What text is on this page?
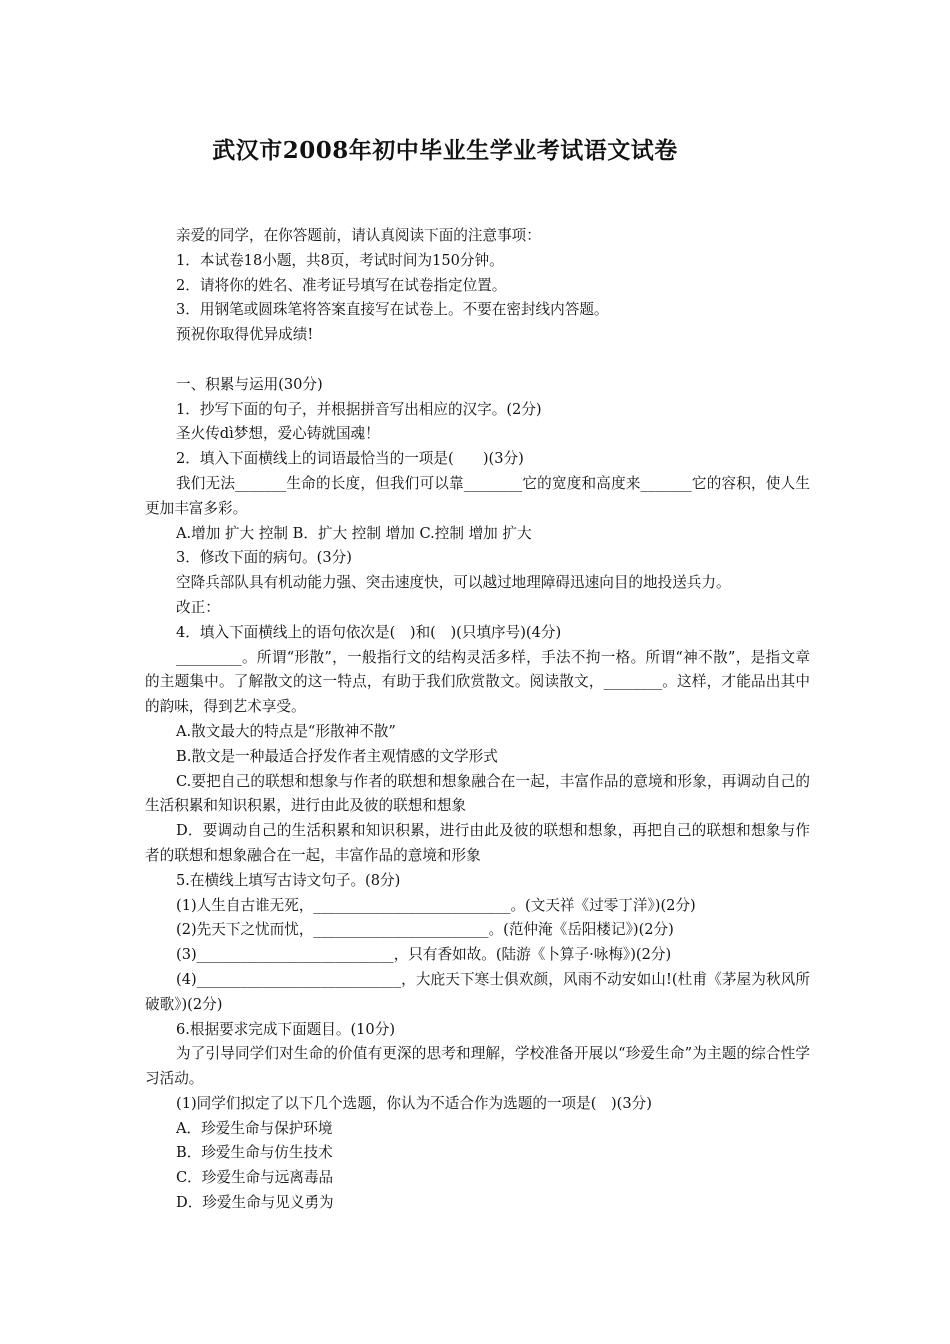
武汉市2008年初中毕业生学业考试语文试卷
亲爱的同学，在你答题前，请认真阅读下面的注意事项：
1．本试卷18小题，共8页，考试时间为150分钟。
2．请将你的姓名、准考证号填写在试卷指定位置。
3．用钢笔或圆珠笔将答案直接写在试卷上。不要在密封线内答题。
预祝你取得优异成绩!
一、积累与运用(30分)
1．抄写下面的句子，并根据拼音写出相应的汉字。(2分)
圣火传dì梦想，爱心铸就国魂！
2．填入下面横线上的词语最恰当的一项是(　　)(3分)
我们无法_______生命的长度，但我们可以靠________它的宽度和高度来_______它的容积，使人生更加丰富多彩。
A.增加 扩大 控制 B．扩大 控制 增加 C.控制 增加 扩大
3．修改下面的病句。(3分)
空降兵部队具有机动能力强、突击速度快，可以越过地理障碍迅速向目的地投送兵力。
改正：
4．填入下面横线上的语句依次是(　)和(　)(只填序号)(4分)
_________。所谓“形散”，一般指行文的结构灵活多样，手法不拘一格。所谓“神不散”，是指文章的主题集中。了解散文的这一特点，有助于我们欣赏散文。阅读散文，________。这样，才能品出其中的韵味，得到艺术享受。
A.散文最大的特点是“形散神不散”
B.散文是一种最适合抒发作者主观情感的文学形式
C.要把自己的联想和想象与作者的联想和想象融合在一起，丰富作品的意境和形象，再调动自己的生活积累和知识积累，进行由此及彼的联想和想象
D．要调动自己的生活积累和知识积累，进行由此及彼的联想和想象，再把自己的联想和想象与作者的联想和想象融合在一起，丰富作品的意境和形象
5.在横线上填写古诗文句子。(8分)
(1)人生自古谁无死，___________________________。(文天祥《过零丁洋》)(2分)
(2)先天下之忧而忧，________________________。(范仲淹《岳阳楼记》)(2分)
(3)___________________________，只有香如故。(陆游《卜算子·咏梅》)(2分)
(4)____________________________，大庇天下寒士俱欢颜，风雨不动安如山!(杜甫《茅屋为秋风所破歌》)(2分)
6.根据要求完成下面题目。(10分)
为了引导同学们对生命的价值有更深的思考和理解，学校准备开展以“珍爱生命”为主题的综合性学习活动。
(1)同学们拟定了以下几个选题，你认为不适合作为选题的一项是(　)(3分)
A．珍爱生命与保护环境
B．珍爱生命与仿生技术
C．珍爱生命与远离毒品
D．珍爱生命与见义勇为
